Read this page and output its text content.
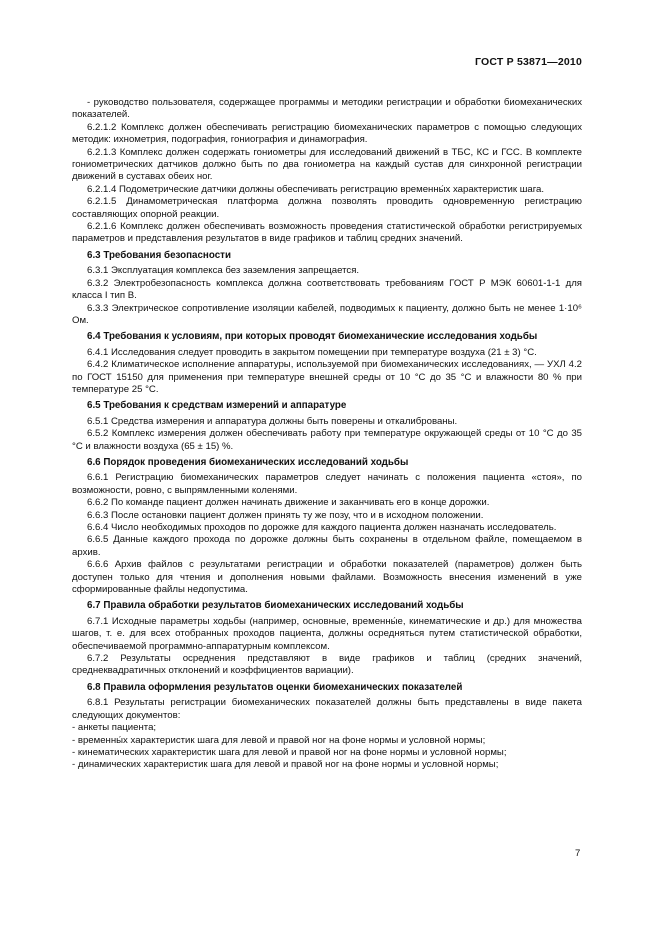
ГОСТ Р 53871—2010

- руководство пользователя, содержащее программы и методики регистрации и обработки биомеханических показателей.

6.2.1.2 Комплекс должен обеспечивать регистрацию биомеханических параметров с помощью следующих методик: ихнометрия, подография, гониография и динамография.

6.2.1.3 Комплекс должен содержать гониометры для исследований движений в ТБС, КС и ГСС. В комплекте гониометрических датчиков должно быть по два гониометра на каждый сустав для синхронной регистрации движений в суставах обеих ног.

6.2.1.4 Подометрические датчики должны обеспечивать регистрацию временны́х характеристик шага.

6.2.1.5 Динамометрическая платформа должна позволять проводить одновременную регистрацию составляющих опорной реакции.

6.2.1.6 Комплекс должен обеспечивать возможность проведения статистической обработки регистрируемых параметров и представления результатов в виде графиков и таблиц средних значений.

6.3 Требования безопасности

6.3.1 Эксплуатация комплекса без заземления запрещается.

6.3.2 Электробезопасность комплекса должна соответствовать требованиям ГОСТ Р МЭК 60601-1-1 для класса I тип В.

6.3.3 Электрическое сопротивление изоляции кабелей, подводимых к пациенту, должно быть не менее 1·10⁶ Ом.

6.4 Требования к условиям, при которых проводят биомеханические исследования ходьбы

6.4.1 Исследования следует проводить в закрытом помещении при температуре воздуха (21 ± 3) °С.

6.4.2 Климатическое исполнение аппаратуры, используемой при биомеханических исследованиях, — УХЛ 4.2 по ГОСТ 15150 для применения при температуре внешней среды от 10 °С до 35 °С и влажности 80 % при температуре 25 °С.

6.5 Требования к средствам измерений и аппаратуре

6.5.1 Средства измерения и аппаратура должны быть поверены и откалиброваны.

6.5.2 Комплекс измерения должен обеспечивать работу при температуре окружающей среды от 10 °С до 35 °С и влажности воздуха (65 ± 15) %.

6.6 Порядок проведения биомеханических исследований ходьбы

6.6.1 Регистрацию биомеханических параметров следует начинать с положения пациента «стоя», по возможности, ровно, с выпрямленными коленями.

6.6.2 По команде пациент должен начинать движение и заканчивать его в конце дорожки.

6.6.3 После остановки пациент должен принять ту же позу, что и в исходном положении.

6.6.4 Число необходимых проходов по дорожке для каждого пациента должен назначать исследователь.

6.6.5 Данные каждого прохода по дорожке должны быть сохранены в отдельном файле, помещаемом в архив.

6.6.6 Архив файлов с результатами регистрации и обработки показателей (параметров) должен быть доступен только для чтения и дополнения новыми файлами. Возможность внесения изменений в уже сформированные файлы недопустима.

6.7 Правила обработки результатов биомеханических исследований ходьбы

6.7.1 Исходные параметры ходьбы (например, основные, временны́е, кинематические и др.) для множества шагов, т. е. для всех отобранных проходов пациента, должны осредняться путем статистической обработки, обеспечиваемой программно-аппаратурным комплексом.

6.7.2 Результаты осреднения представляют в виде графиков и таблиц (средних значений, среднеквадратичных отклонений и коэффициентов вариации).

6.8 Правила оформления результатов оценки биомеханических показателей

6.8.1 Результаты регистрации биомеханических показателей должны быть представлены в виде пакета следующих документов:

- анкеты пациента;

- временны́х характеристик шага для левой и правой ног на фоне нормы и условной нормы;

- кинематических характеристик шага для левой и правой ног на фоне нормы и условной нормы;

- динамических характеристик шага для левой и правой ног на фоне нормы и условной нормы;

7
